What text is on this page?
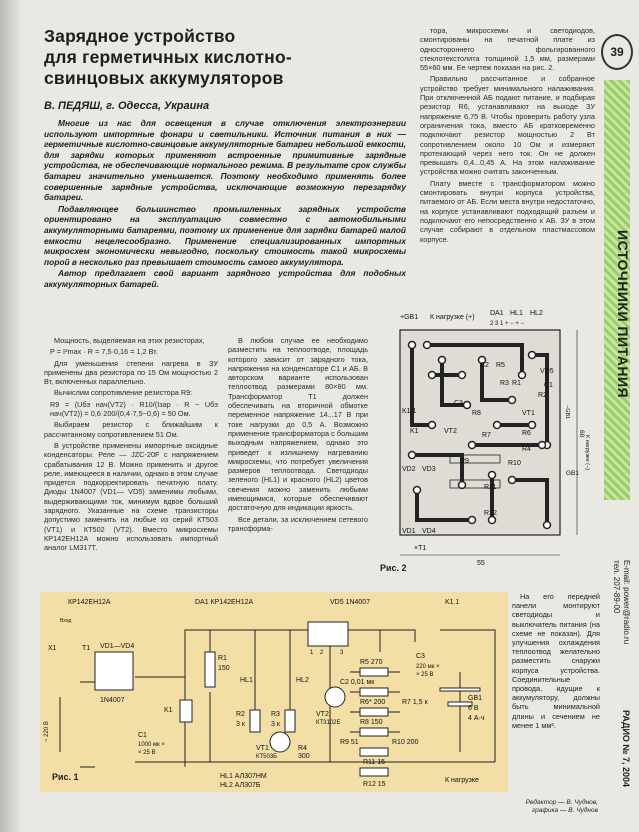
Зарядное устройство
для герметичных кислотно-
свинцовых аккумуляторов
В. ПЕДЯШ, г. Одесса, Украина

Многие из нас для освещения в случае отключения электроэнергии используют импортные фонари и светильники. Источник питания в них — герметичные кислотно-свинцовые аккумуляторные батареи небольшой емкости, для зарядки которых применяют встроенные примитивные зарядные устройства, не обеспечивающие нормального режима. В результате срок службы батареи значительно уменьшается. Поэтому необходимо применять более совершенные зарядные устройства, исключающие возможную перезарядку батареи.

Подавляющее большинство промышленных зарядных устройств ориентировано на эксплуатацию совместно с автомобильными аккумуляторными батареями, поэтому их применение для зарядки батарей малой емкости нецелесообразно. Применение специализированных импортных микросхем экономически невыгодно, поскольку стоимость такой микросхемы порой в несколько раз превышает стоимость самого аккумулятора.

Автор предлагает свой вариант зарядного устройства для подобных аккумуляторных батарей.

Мощность, выделяемая на этих резисторах,

P = I²max · R = 7,5·0,16 = 1,2 Вт.

Для уменьшения степени нагрева в ЗУ применены два резистора по 15 Ом мощностью 2 Вт, включенных параллельно.

Вычислим сопротивление резистора R9:

R9 = (Uбэ нач(VT2) · R10/(Iзар · R − Uбэ нач(VT2)) = 0,6·200/(0,4·7,5−0,6) = 50 Ом.

Выбираем резистор с ближайшим к рассчитанному сопротивлением 51 Ом.

В устройстве применены импортные оксидные конденсаторы. Реле — JZC-20F с напряжением срабатывания 12 В. Можно применить и другое реле, имеющееся в наличии, однако в этом случае придется подкорректировать печатную плату. Диоды 1N4007 (VD1— VD5) заменимы любыми, выдерживающими ток, минимум вдвое больший зарядного. Указанные на схеме транзисторы допустимо заменить на любые из серий КТ503 (VT1) и КТ502 (VT2). Вместо микросхемы КР142ЕН12А можно использовать импортный аналог LM317T.

В любом случае ее необходимо разместить на теплоотводе, площадь которого зависит от зарядного тока, напряжения на конденсаторе С1 и АБ. В авторском варианте использован теплоотвод размерами 80×80 мм. Трансформатор Т1 должен обеспечивать на вторичной обмотке переменное напряжение 14...17 В при токе нагрузки до 0,5 А. Возможно применение трансформатора с большим выходным напряжением, однако это приведет к излишнему нагреванию микросхемы, что потребует увеличения размеров теплоотвода. Светодиоды зеленого (HL1) и красного (HL2) цветов свечения можно заменить любыми имеющимися, которые обеспечивают достаточную для индикации яркость.

Все детали, за исключением сетевого трансформа-

тора, микросхемы и светодиодов, смонтированы на печатной плате из одностороннего фольгированного стеклотекстолита толщиной 1,5 мм, размерами 55×60 мм. Ее чертеж показан на рис. 2.

Правильно рассчитанное и собранное устройство требует минимального налаживания. При отключенной АБ подают питание, и подбирая резистор R6, устанавливают на выходе ЗУ напряжение 6,75 В. Чтобы проверить работу узла ограничения тока, вместо АБ кратковременно подключают резистор мощностью 2 Вт сопротивлением около 10 Ом и измеряют протекающий через него ток. Он не должен превышать 0,4...0,45 А. На этом налаживание устройства можно считать законченным.

Плату вместе с трансформатором можно смонтировать внутри корпуса устройства, питаемого от АБ. Если места внутри недостаточно, на корпусе устанавливают подходящий разъем и подключают его непосредственно к АБ. ЗУ в этом случае собирают в отдельном пластмассовом корпусе.

39
ИСТОЧНИКИ ПИТАНИЯ
E-mail: power@radio.ru
тел. 207-89-00
РАДИО № 7, 2004
+GB1 К нагрузке (+)
DA1 HL1 HL2
2 3 1 + − + −
C2 R5
R3 R1
VD5
K1.1
K1	VT2
VT1
R8
R7
C3
R6
R2
R4
R9	R10
R11
R12
C1
VD2 VD3
VD1 VD4
×T1
GB1
−GB1
К нагрузке (−)
55
60
Рис. 2
КР142ЕН12А	DA1 КР142ЕН12А	VD5 1N4007	K1.1
X1	T1
~ 220 В
VD1—VD4
1N4007
C1
1000 мк ×
× 25 В
R1
150
K1
HL1	HL2
R2
3 к
R3
3 к
R5 270
C2 0,01 мк
R6* 200 R7 1,5 к
R8 150
VT2
КТ3102Е
VT1
КТ503Б
R4
300
R9 51	R10 200
R11 15
R12 15
C3
220 мк ×
× 25 В
GB1
6 В
4 А·ч
К нагрузке
HL1 АЛ307НМ
HL2 АЛ307Б
Вход
1 2	3
Рис. 1

На его передней панели монтируют светодиоды и выключатель питания (на схеме не показан). Для улучшения охлаждения теплоотвод желательно разместить снаружи корпуса устройства. Соединительные провода, идущие к аккумулятору, должны быть минимальной длины и сечением не менее 1 мм².

Редактор — В. Чуднов,
графика — В. Чуднов
